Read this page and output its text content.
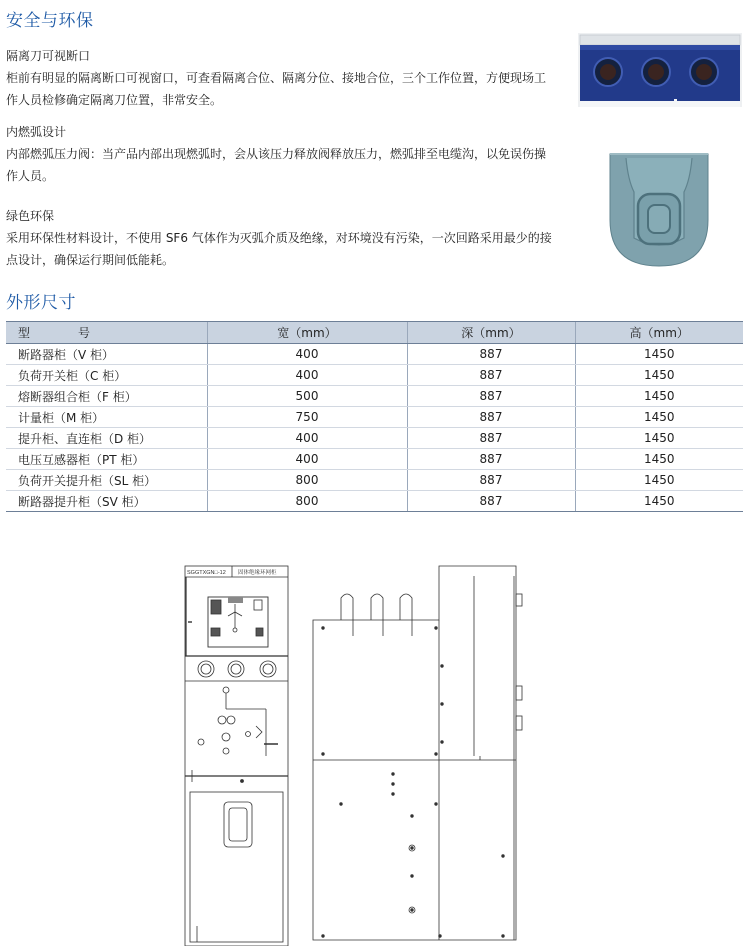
安全与环保
隔离刀可视断口
柜前有明显的隔离断口可视窗口，可查看隔离合位、隔离分位、接地合位，三个工作位置，方便现场工作人员检修确定隔离刀位置，非常安全。
内燃弧设计
内部燃弧压力阀：当产品内部出现燃弧时，会从该压力释放阀释放压力，燃弧排至电缆沟，以免误伤操作人员。
绿色环保
采用环保性材料设计，不使用 SF6 气体作为灭弧介质及绝缘，对环境没有污染，一次回路采用最少的接点设计，确保运行期间低能耗。
外形尺寸
型　号	宽（mm）	深（mm）	高（mm）
断路器柜（V 柜）	400	887	1450
负荷开关柜（C 柜）	400	887	1450
熔断器组合柜（F 柜）	500	887	1450
计量柜（M 柜）	750	887	1450
提升柜、直连柜（D 柜）	400	887	1450
电压互感器柜（PT 柜）	400	887	1450
负荷开关提升柜（SL 柜）	800	887	1450
断路器提升柜（SV 柜）	800	887	1450
SGGTXGN□-12 固体绝缘环网柜
